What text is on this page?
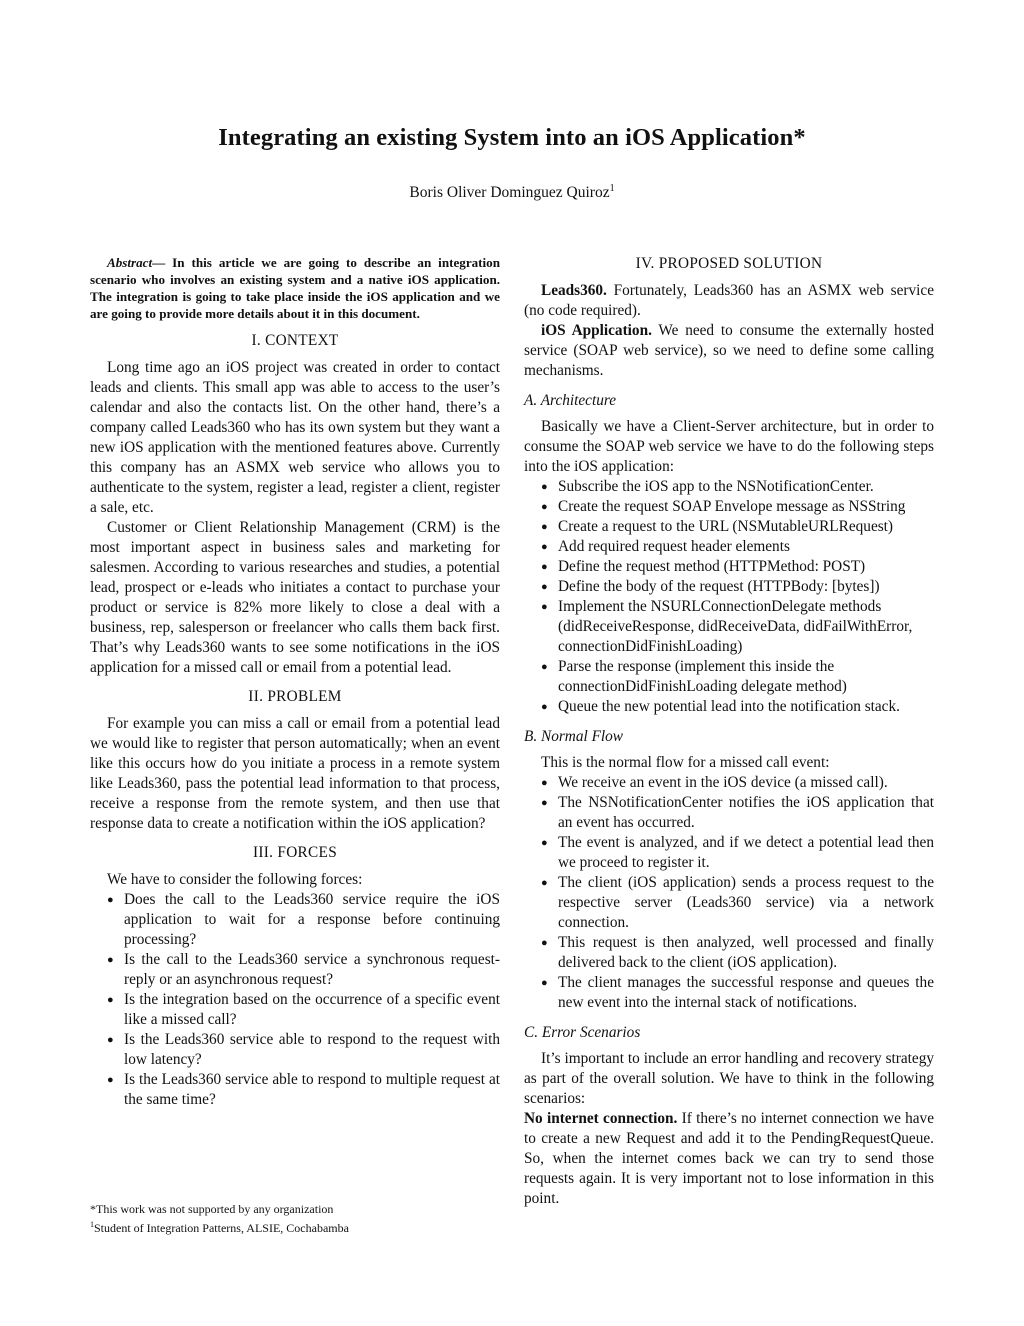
Integrating an existing System into an iOS Application*
Boris Oliver Dominguez Quiroz$^1$

Abstract— In this article we are going to describe an integration scenario who involves an existing system and a native iOS application. The integration is going to take place inside the iOS application and we are going to provide more details about it in this document.

I. CONTEXT

Long time ago an iOS project was created in order to contact leads and clients. This small app was able to access to the user’s calendar and also the contacts list. On the other hand, there’s a company called Leads360 who has its own system but they want a new iOS application with the mentioned features above. Currently this company has an ASMX web service who allows you to authenticate to the system, register a lead, register a client, register a sale, etc.

Customer or Client Relationship Management (CRM) is the most important aspect in business sales and marketing for salesmen. According to various researches and studies, a potential lead, prospect or e-leads who initiates a contact to purchase your product or service is 82% more likely to close a deal with a business, rep, salesperson or freelancer who calls them back first. That’s why Leads360 wants to see some notifications in the iOS application for a missed call or email from a potential lead.

II. PROBLEM

For example you can miss a call or email from a potential lead we would like to register that person automatically; when an event like this occurs how do you initiate a process in a remote system like Leads360, pass the potential lead information to that process, receive a response from the remote system, and then use that response data to create a notification within the iOS application?

III. FORCES

We have to consider the following forces:

● Does the call to the Leads360 service require the iOS application to wait for a response before continuing processing?
● Is the call to the Leads360 service a synchronous request-reply or an asynchronous request?
● Is the integration based on the occurrence of a specific event like a missed call?
● Is the Leads360 service able to respond to the request with low latency?
● Is the Leads360 service able to respond to multiple request at the same time?
*This work was not supported by any organization
$^1$Student of Integration Patterns, ALSIE, Cochabamba
IV. PROPOSED SOLUTION

Leads360. Fortunately, Leads360 has an ASMX web service (no code required).

iOS Application. We need to consume the externally hosted service (SOAP web service), so we need to define some calling mechanisms.

A. Architecture

Basically we have a Client-Server architecture, but in order to consume the SOAP web service we have to do the following steps into the iOS application:

● Subscribe the iOS app to the NSNotificationCenter.
● Create the request SOAP Envelope message as NSString
● Create a request to the URL (NSMutableURLRequest)
● Add required request header elements
● Define the request method (HTTPMethod: POST)
● Define the body of the request (HTTPBody: [bytes])
● Implement the NSURLConnectionDelegate methods (didReceiveResponse, didReceiveData, didFailWithError, connectionDidFinishLoading)
● Parse the response (implement this inside the connectionDidFinishLoading delegate method)
● Queue the new potential lead into the notification stack.
B. Normal Flow

This is the normal flow for a missed call event:

● We receive an event in the iOS device (a missed call).
● The NSNotificationCenter notifies the iOS application that an event has occurred.
● The event is analyzed, and if we detect a potential lead then we proceed to register it.
● The client (iOS application) sends a process request to the respective server (Leads360 service) via a network connection.
● This request is then analyzed, well processed and finally delivered back to the client (iOS application).
● The client manages the successful response and queues the new event into the internal stack of notifications.
C. Error Scenarios

It’s important to include an error handling and recovery strategy as part of the overall solution. We have to think in the following scenarios:

No internet connection. If there’s no internet connection we have to create a new Request and add it to the PendingRequestQueue. So, when the internet comes back we can try to send those requests again. It is very important not to lose information in this point.
